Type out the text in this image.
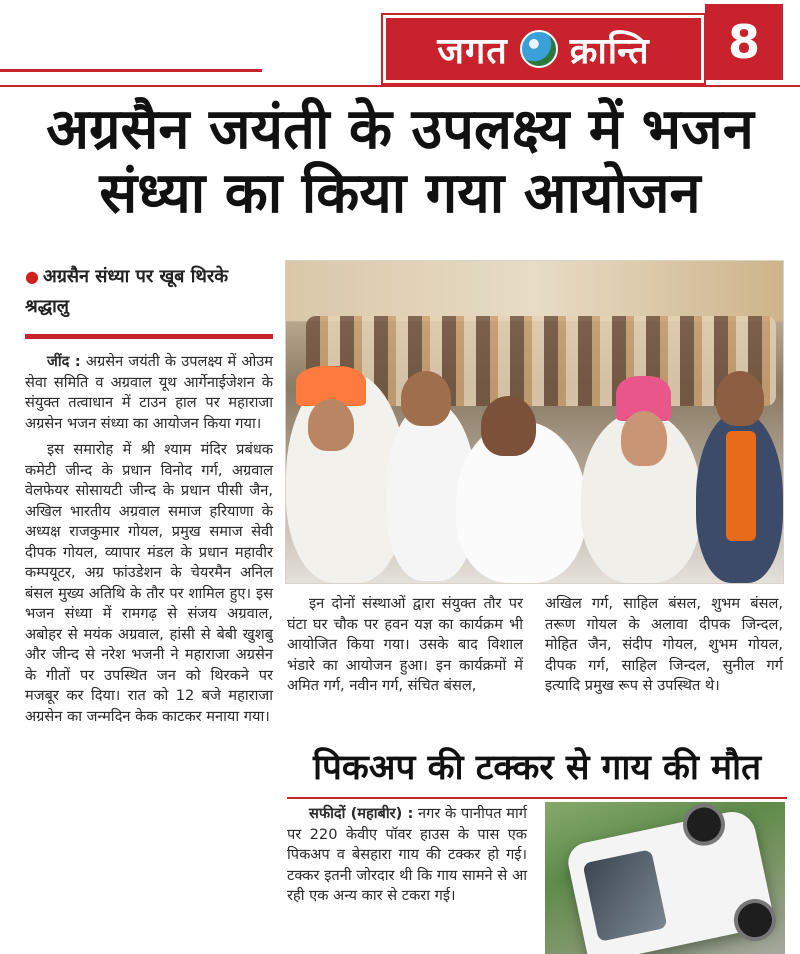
जगत क्रान्ति	8
अग्रसैन जयंती के उपलक्ष्य में भजन
संध्या का किया गया आयोजन
● अग्रसैन संध्या पर खूब थिरके श्रद्धालु

जींद : अग्रसेन जयंती के उपलक्ष्य में ओउम सेवा समिति व अग्रवाल यूथ आर्गेनाईजेशन के संयुक्त तत्वाधान में टाउन हाल पर महाराजा अग्रसेन भजन संध्या का आयोजन किया गया।

इस समारोह में श्री श्याम मंदिर प्रबंधक कमेटी जीन्द के प्रधान विनोद गर्ग, अग्रवाल वेलफेयर सोसायटी जीन्द के प्रधान पीसी जैन, अखिल भारतीय अग्रवाल समाज हरियाणा के अध्यक्ष राजकुमार गोयल, प्रमुख समाज सेवी दीपक गोयल, व्यापार मंडल के प्रधान महावीर कम्पयूटर, अग्र फांउडेशन के चेयरमैन अनिल बंसल मुख्य अतिथि के तौर पर शामिल हुए। इस भजन संध्या में रामगढ़ से संजय अग्रवाल, अबोहर से मयंक अग्रवाल, हांसी से बेबी खुशबु और जीन्द से नरेश भजनी ने महाराजा अग्रसेन के गीतों पर उपस्थित जन को थिरकने पर मजबूर कर दिया। रात को 12 बजे महाराजा अग्रसेन का जन्मदिन केक काटकर मनाया गया।

इन दोनों संस्थाओं द्वारा संयुक्त तौर पर घंटा घर चौक पर हवन यज्ञ का कार्यक्रम भी आयोजित किया गया। उसके बाद विशाल भंडारे का आयोजन हुआ। इन कार्यक्रमों में अमित गर्ग, नवीन गर्ग, संचित बंसल,

अखिल गर्ग, साहिल बंसल, शुभम बंसल, तरूण गोयल के अलावा दीपक जिन्दल, मोहित जैन, संदीप गोयल, शुभम गोयल, दीपक गर्ग, साहिल जिन्दल, सुनील गर्ग इत्यादि प्रमुख रूप से उपस्थित थे।

पिकअप की टक्कर से गाय की मौत

सफीदों (महाबीर) : नगर के पानीपत मार्ग पर 220 केवीए पॉवर हाउस के पास एक पिकअप व बेसहारा गाय की टक्कर हो गई। टक्कर इतनी जोरदार थी कि गाय सामने से आ रही एक अन्य कार से टकरा गई।
